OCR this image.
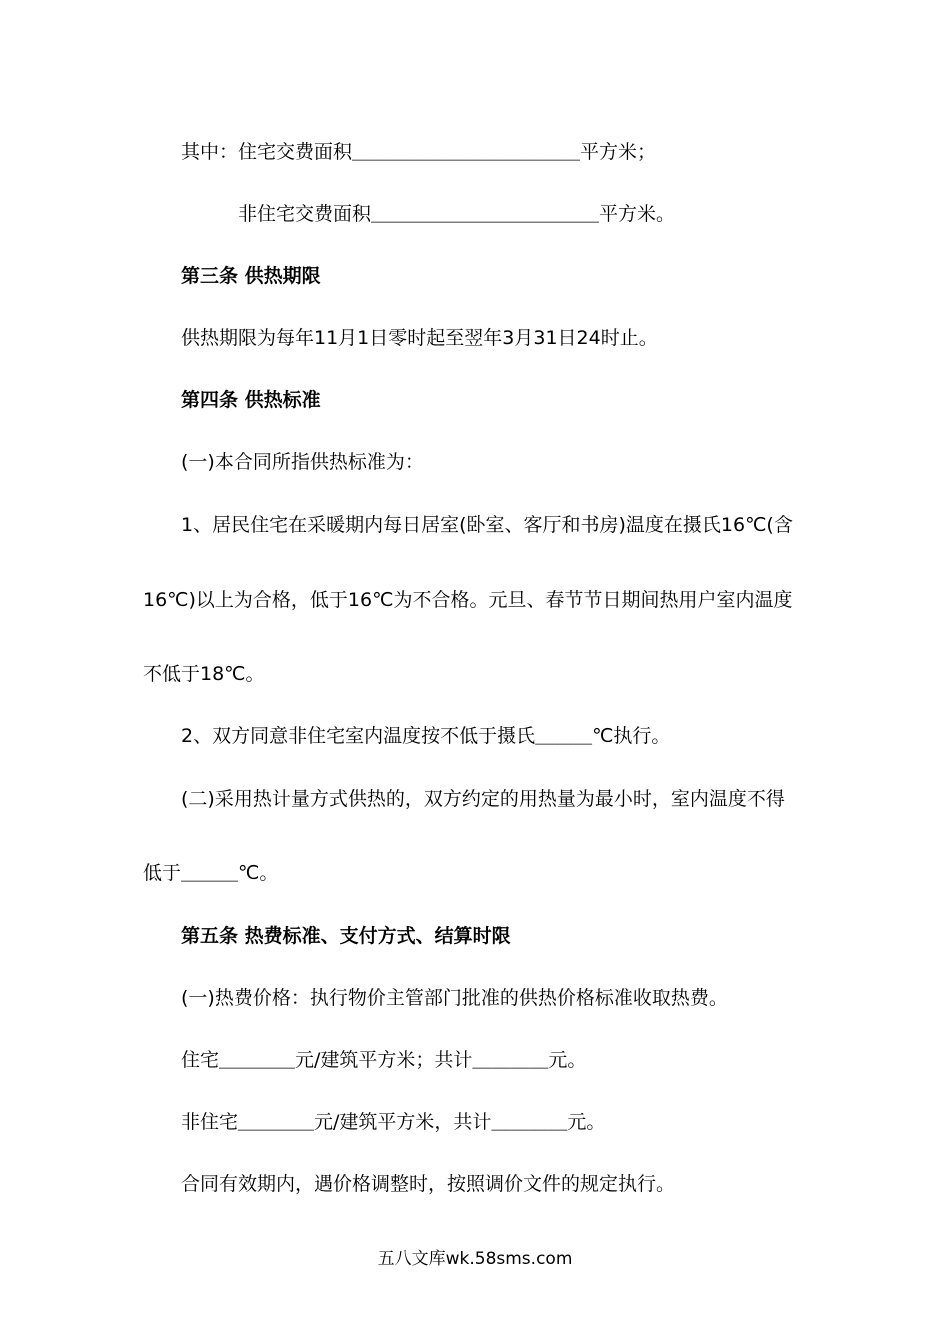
其中：住宅交费面积＿＿＿＿＿＿＿＿＿＿＿＿平方米；
非住宅交费面积＿＿＿＿＿＿＿＿＿＿＿＿平方米。
第三条 供热期限
供热期限为每年11月1日零时起至翌年3月31日24时止。
第四条 供热标准
(一)本合同所指供热标准为：
1、居民住宅在采暖期内每日居室(卧室、客厅和书房)温度在摄氏16℃(含
16℃)以上为合格，低于16℃为不合格。元旦、春节节日期间热用户室内温度
不低于18℃。
2、双方同意非住宅室内温度按不低于摄氏＿＿＿℃执行。
(二)采用热计量方式供热的，双方约定的用热量为最小时，室内温度不得
低于＿＿＿℃。
第五条 热费标准、支付方式、结算时限
(一)热费价格：执行物价主管部门批准的供热价格标准收取热费。
住宅＿＿＿＿元/建筑平方米；共计＿＿＿＿元。
非住宅＿＿＿＿元/建筑平方米，共计＿＿＿＿元。
合同有效期内，遇价格调整时，按照调价文件的规定执行。
五八文库wk.58sms.com
